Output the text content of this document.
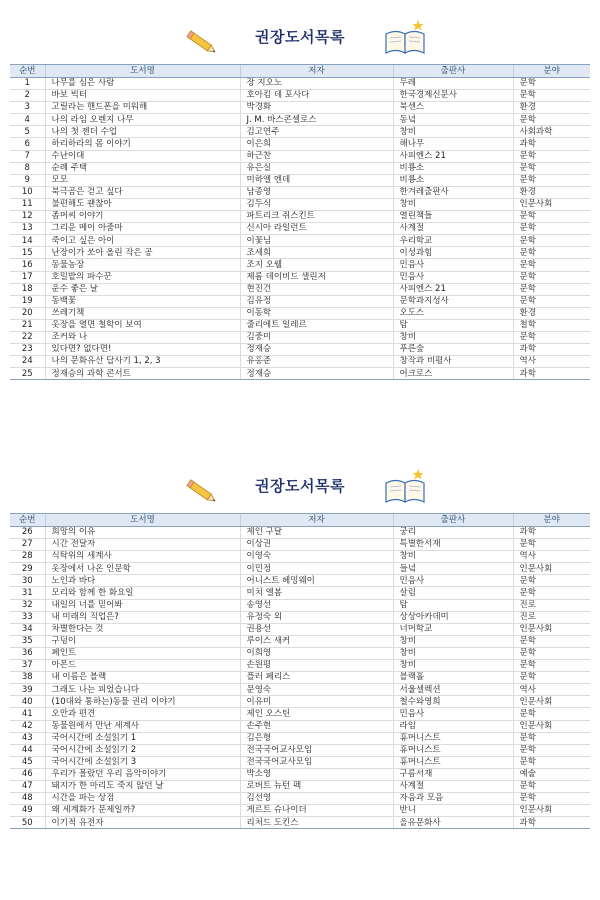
권장도서목록
순번	도서명	저자	출판사	분야
1	나무를 심은 사람	장 지오노	두레	문학
2	바보 빅터	호아킴 데 포사다	한국경제신문사	문학
3	고릴라는 핸드폰을 미워해	박경화	북센스	환경
4	나의 라임 오렌지 나무	J. M. 바스콘셀로스	동녘	문학
5	나의 첫 젠더 수업	김고연주	창비	사회과학
6	하리하라의 몸 이야기	이은희	해나무	과학
7	수난이대	하근찬	사피엔스 21	문학
8	순례 주택	유은실	비룡소	문학
9	모모	미하엘 엔데	비룡소	문학
10	북극곰은 걷고 싶다	남종영	한겨레출판사	환경
11	불편해도 괜찮아	김두식	창비	인문사회
12	좀머씨 이야기	파트리크 쥐스킨트	열린책들	문학
13	그리운 메이 아줌마	신시아 라일런트	사계절	문학
14	죽이고 싶은 아이	이꽃님	우리학교	문학
15	난장이가 쏘아 올린 작은 공	조세희	이성과힘	문학
16	동물농장	조지 오웰	민음사	문학
17	호밀밭의 파수꾼	제롬 데이비드 샐린저	민음사	문학
18	운수 좋은 날	현진건	사피엔스 21	문학
19	동백꽃	김유정	문학과지성사	문학
20	쓰레기책	이동학	오도스	환경
21	옷장을 열면 철학이 보여	줄리에트 일레르	탐	철학
22	조커와 나	김중미	창비	문학
23	있다면? 없다면!	정재승	푸른숲	과학
24	나의 문화유산 답사기 1, 2, 3	유홍준	창작과 비평사	역사
25	정재승의 과학 콘서트	정재승	어크로스	과학
권장도서목록
순번	도서명	저자	출판사	분야
26	희망의 이유	제인 구달	궁리	과학
27	시간 전달자	이상권	특별한서재	문학
28	식탁위의 세계사	이영숙	창비	역사
29	옷장에서 나온 인문학	이민정	들녘	인문사회
30	노인과 바다	어니스트 헤밍웨이	민음사	문학
31	모리와 함께 한 화요일	미치 앨봄	살림	문학
32	내일의 너를 믿어봐	송영선	탐	진로
33	내 미래의 직업은?	유정숙 외	상상아카데미	진로
34	차별한다는 것	권용선	너머학교	인문사회
35	구덩이	루이스 새커	창비	문학
36	페인트	이희영	창비	문학
37	아몬드	손원평	창비	문학
38	내 이름은 블랙	플러 페리스	블랙홀	문학
39	그래도 나는 피었습니다	문영숙	서울셀렉션	역사
40	(10대와 통하는)동물 권리 이야기	이유미	철수와영희	인문사회
41	오만과 편견	제인 오스틴	민음사	문학
42	동물원에서 만난 세계사	손주현	라임	인문사회
43	국어시간에 소설읽기 1	김은형	휴머니스트	문학
44	국어시간에 소설읽기 2	전국국어교사모임	휴머니스트	문학
45	국어시간에 소설읽기 3	전국국어교사모임	휴머니스트	문학
46	우리가 몰랐던 우리 음악이야기	박소영	구름서재	예술
47	돼지가 한 마리도 죽지 않던 날	로버트 뉴턴 펙	사계절	문학
48	시간을 파는 상점	김선영	자음과 모음	문학
49	왜 세계화가 문제일까?	게르트 슈나이더	반니	인문사회
50	이기적 유전자	리처드 도킨스	을유문화사	과학
